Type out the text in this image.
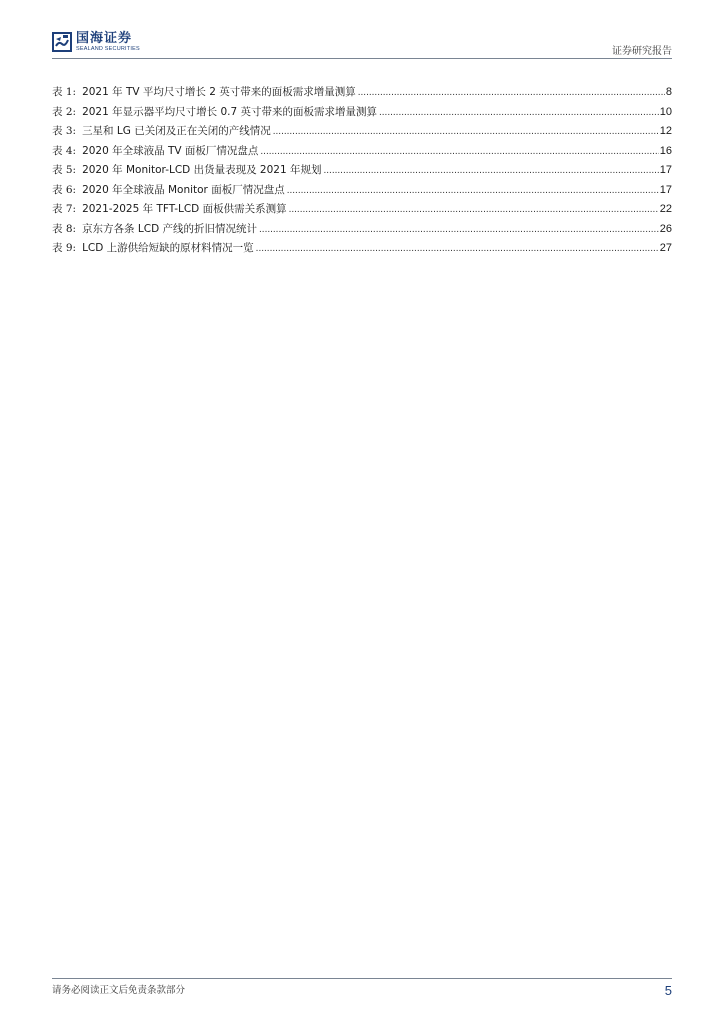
国海证券
SEALAND SECURITIES	证券研究报告
表 1: 2021 年 TV 平均尺寸增长 2 英寸带来的面板需求增量测算 .....	8
表 2: 2021 年显示器平均尺寸增长 0.7 英寸带来的面板需求增量测算 .....	10
表 3: 三星和 LG 已关闭及正在关闭的产线情况 .....	12
表 4: 2020 年全球液晶 TV 面板厂情况盘点 .....	16
表 5: 2020 年 Monitor-LCD 出货量表现及 2021 年规划 .....	17
表 6: 2020 年全球液晶 Monitor 面板厂情况盘点 .....	17
表 7: 2021-2025 年 TFT-LCD 面板供需关系测算 .....	22
表 8: 京东方各条 LCD 产线的折旧情况统计 .....	26
表 9: LCD 上游供给短缺的原材料情况一览 .....	27
请务必阅读正文后免责条款部分	5
